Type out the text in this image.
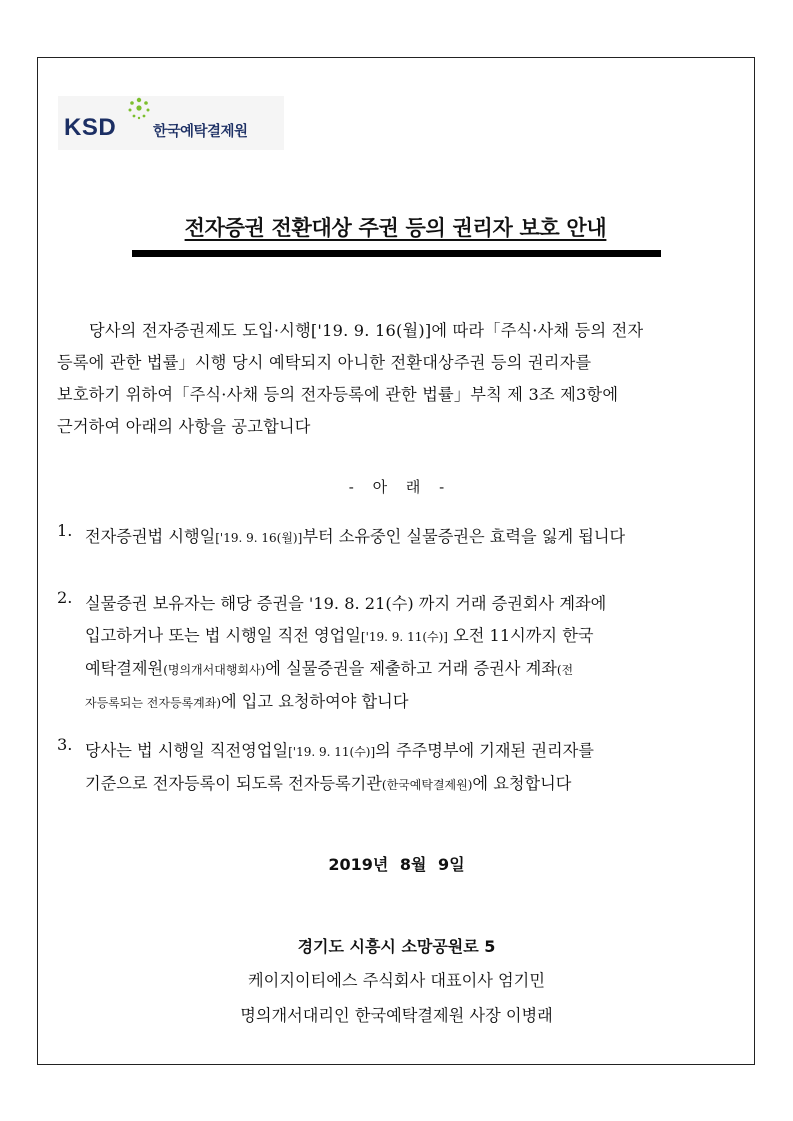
KSD	한국예탁결제원
전자증권 전환대상 주권 등의 권리자 보호 안내
당사의 전자증권제도 도입·시행['19. 9. 16(월)]에 따라「주식·사채 등의 전자
등록에 관한 법률」시행 당시 예탁되지 아니한 전환대상주권 등의 권리자를
보호하기 위하여「주식·사채 등의 전자등록에 관한 법률」부칙 제 3조 제3항에
근거하여 아래의 사항을 공고합니다
- 아 래 -
1. 전자증권법 시행일['19. 9. 16(월)]부터 소유중인 실물증권은 효력을 잃게 됩니다
2. 실물증권 보유자는 해당 증권을 '19. 8. 21(수) 까지 거래 증권회사 계좌에
입고하거나 또는 법 시행일 직전 영업일['19. 9. 11(수)] 오전 11시까지 한국
예탁결제원(명의개서대행회사)에 실물증권을 제출하고 거래 증권사 계좌(전
자등록되는 전자등록계좌)에 입고 요청하여야 합니다
3. 당사는 법 시행일 직전영업일['19. 9. 11(수)]의 주주명부에 기재된 권리자를
기준으로 전자등록이 되도록 전자등록기관(한국예탁결제원)에 요청합니다
2019년 8월 9일
경기도 시흥시 소망공원로 5
케이지이티에스 주식회사 대표이사 엄기민
명의개서대리인 한국예탁결제원 사장 이병래
